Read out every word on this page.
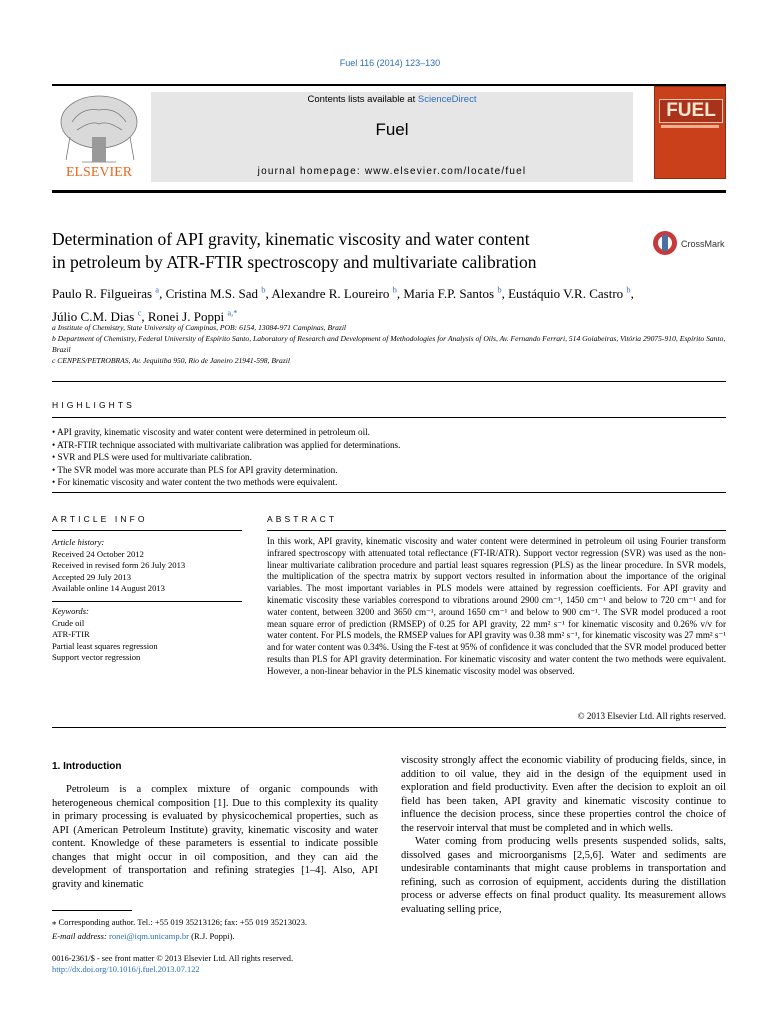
Fuel 116 (2014) 123–130
ELSEVIER
Contents lists available at ScienceDirect
Fuel
journal homepage: www.elsevier.com/locate/fuel
FUEL
Determination of API gravity, kinematic viscosity and water content
in petroleum by ATR-FTIR spectroscopy and multivariate calibration
CrossMark
Paulo R. Filgueiras $^a$, Cristina M.S. Sad $^b$, Alexandre R. Loureiro $^b$, Maria F.P. Santos $^b$, Eustáquio V.R. Castro $^b$,
Júlio C.M. Dias $^c$, Ronei J. Poppi $^{a,*}$
a Institute of Chemistry, State University of Campinas, POB: 6154, 13084-971 Campinas, Brazil
b Department of Chemistry, Federal University of Espírito Santo, Laboratory of Research and Development of Methodologies for Analysis of Oils, Av. Fernando Ferrari, 514 Goiabeiras, Vitória 29075-910, Espírito Santo, Brazil
c CENPES/PETROBRAS, Av. Jequitiba 950, Rio de Janeiro 21941-598, Brazil
HIGHLIGHTS
• API gravity, kinematic viscosity and water content were determined in petroleum oil.
• ATR-FTIR technique associated with multivariate calibration was applied for determinations.
• SVR and PLS were used for multivariate calibration.
• The SVR model was more accurate than PLS for API gravity determination.
• For kinematic viscosity and water content the two methods were equivalent.
ARTICLE INFO	ABSTRACT
Article history:
Received 24 October 2012
Received in revised form 26 July 2013
Accepted 29 July 2013
Available online 14 August 2013
Keywords:
Crude oil
ATR-FTIR
Partial least squares regression
Support vector regression
In this work, API gravity, kinematic viscosity and water content were determined in petroleum oil using Fourier transform infrared spectroscopy with attenuated total reflectance (FT-IR/ATR). Support vector regression (SVR) was used as the non-linear multivariate calibration procedure and partial least squares regression (PLS) as the linear procedure. In SVR models, the multiplication of the spectra matrix by support vectors resulted in information about the importance of the original variables. The most important variables in PLS models were attained by regression coefficients. For API gravity and kinematic viscosity these variables correspond to vibrations around 2900 cm⁻¹, 1450 cm⁻¹ and below to 720 cm⁻¹ and for water content, between 3200 and 3650 cm⁻¹, around 1650 cm⁻¹ and below to 900 cm⁻¹. The SVR model produced a root mean square error of prediction (RMSEP) of 0.25 for API gravity, 22 mm² s⁻¹ for kinematic viscosity and 0.26% v/v for water content. For PLS models, the RMSEP values for API gravity was 0.38 mm² s⁻¹, for kinematic viscosity was 27 mm² s⁻¹ and for water content was 0.34%. Using the F-test at 95% of confidence it was concluded that the SVR model produced better results than PLS for API gravity determination. For kinematic viscosity and water content the two methods were equivalent. However, a non-linear behavior in the PLS kinematic viscosity model was observed.
© 2013 Elsevier Ltd. All rights reserved.
1. Introduction

Petroleum is a complex mixture of organic compounds with heterogeneous chemical composition [1]. Due to this complexity its quality in primary processing is evaluated by physicochemical properties, such as API (American Petroleum Institute) gravity, kinematic viscosity and water content. Knowledge of these parameters is essential to indicate possible changes that might occur in oil composition, and they can aid the development of transportation and refining strategies [1–4]. Also, API gravity and kinematic

viscosity strongly affect the economic viability of producing fields, since, in addition to oil value, they aid in the design of the equipment used in exploration and field productivity. Even after the decision to exploit an oil field has been taken, API gravity and kinematic viscosity continue to influence the decision process, since these properties control the choice of the reservoir interval that must be completed and in which wells.

Water coming from producing wells presents suspended solids, salts, dissolved gases and microorganisms [2,5,6]. Water and sediments are undesirable contaminants that might cause problems in transportation and refining, such as corrosion of equipment, accidents during the distillation process or adverse effects on final product quality. Its measurement allows evaluating selling price,

⁎ Corresponding author. Tel.: +55 019 35213126; fax: +55 019 35213023.
E-mail address: ronei@iqm.unicamp.br (R.J. Poppi).
0016-2361/$ - see front matter © 2013 Elsevier Ltd. All rights reserved.
http://dx.doi.org/10.1016/j.fuel.2013.07.122
